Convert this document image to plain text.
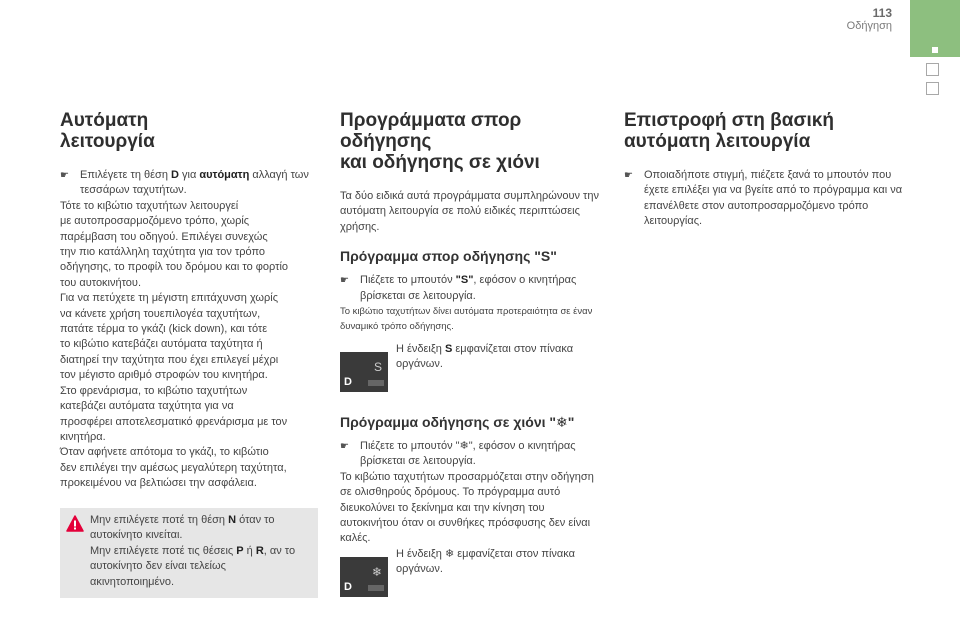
113
Οδήγηση
Αυτόματη
λειτουργία
☛ Επιλέγετε τη θέση D για αυτόματη αλλαγή των τεσσάρων ταχυτήτων.

Τότε το κιβώτιο ταχυτήτων λειτουργεί
με αυτοπροσαρμοζόμενο τρόπο, χωρίς
παρέμβαση του οδηγού. Επιλέγει συνεχώς
την πιο κατάλληλη ταχύτητα για τον τρόπο
οδήγησης, το προφίλ του δρόμου και το φορτίο
του αυτοκινήτου.
Για να πετύχετε τη μέγιστη επιτάχυνση χωρίς
να κάνετε χρήση τουεπιλογέα ταχυτήτων,
πατάτε τέρμα το γκάζι (kick down), και τότε
το κιβώτιο κατεβάζει αυτόματα ταχύτητα ή
διατηρεί την ταχύτητα που έχει επιλεγεί μέχρι
τον μέγιστο αριθμό στροφών του κινητήρα.
Στο φρενάρισμα, το κιβώτιο ταχυτήτων
κατεβάζει αυτόματα ταχύτητα για να
προσφέρει αποτελεσματικό φρενάρισμα με τον
κινητήρα.
Όταν αφήνετε απότομα το γκάζι, το κιβώτιο
δεν επιλέγει την αμέσως μεγαλύτερη ταχύτητα,
προκειμένου να βελτιώσει την ασφάλεια.

Μην επιλέγετε ποτέ τη θέση N όταν το αυτοκίνητο κινείται.
Μην επιλέγετε ποτέ τις θέσεις P ή R, αν το αυτοκίνητο δεν είναι τελείως ακινητοποιημένο.

Προγράμματα σπορ οδήγησης
και οδήγησης σε χιόνι

Τα δύο ειδικά αυτά προγράμματα συμπληρώνουν την αυτόματη λειτουργία σε πολύ ειδικές περιπτώσεις χρήσης.

Πρόγραμμα σπορ οδήγησης "S"
☛ Πιέζετε το μπουτόν "S", εφόσον ο κινητήρας βρίσκεται σε λειτουργία.

Το κιβώτιο ταχυτήτων δίνει αυτόματα προτεραιότητα σε έναν δυναμικό τρόπο οδήγησης.

D
S

Η ένδειξη S εμφανίζεται στον πίνακα οργάνων.

Πρόγραμμα οδήγησης σε χιόνι "❄"
☛ Πιέζετε το μπουτόν "❄", εφόσον ο κινητήρας βρίσκεται σε λειτουργία.

Το κιβώτιο ταχυτήτων προσαρμόζεται στην οδήγηση σε ολισθηρούς δρόμους. Το πρόγραμμα αυτό διευκολύνει το ξεκίνημα και την κίνηση του αυτοκινήτου όταν οι συνθήκες πρόσφυσης δεν είναι καλές.

D
❄

Η ένδειξη ❄ εμφανίζεται στον πίνακα οργάνων.

Επιστροφή στη βασική
αυτόματη λειτουργία
☛ Οποιαδήποτε στιγμή, πιέζετε ξανά το μπουτόν που έχετε επιλέξει για να βγείτε από το πρόγραμμα και να επανέλθετε στον αυτοπροσαρμοζόμενο τρόπο λειτουργίας.
